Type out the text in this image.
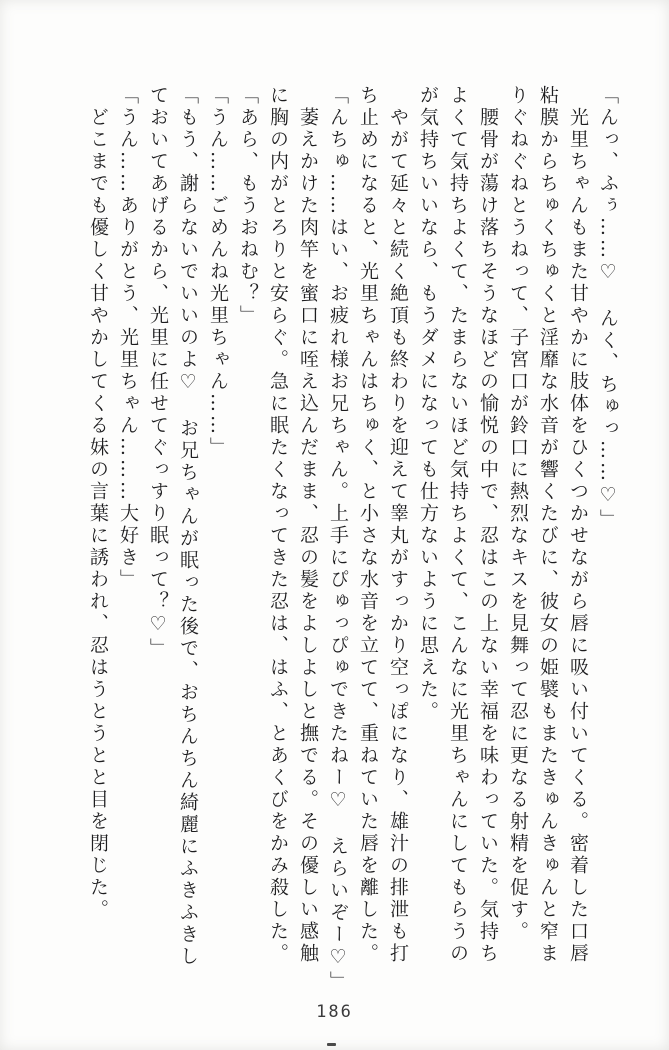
「んっ、ふぅ……♡　んく、ちゅっ……♡」

　光里ちゃんもまた甘やかに肢体をひくつかせながら唇に吸い付いてくる。密着した口唇

粘膜からちゅくちゅくと淫靡な水音が響くたびに、彼女の姫襞もまたきゅんきゅんと窄ま

りぐねぐねとうねって、子宮口が鈴口に熱烈なキスを見舞って忍に更なる射精を促す。

　腰骨が蕩け落ちそうなほどの愉悦の中で、忍はこの上ない幸福を味わっていた。気持ち

よくて気持ちよくて、たまらないほど気持ちよくて、こんなに光里ちゃんにしてもらうの

が気持ちいいなら、もうダメになっても仕方ないように思えた。

　やがて延々と続く絶頂も終わりを迎えて睾丸がすっかり空っぽになり、雄汁の排泄も打

ち止めになると、光里ちゃんはちゅく、と小さな水音を立てて、重ねていた唇を離した。

「んちゅ……はい、お疲れ様お兄ちゃん。上手にぴゅっぴゅできたねー♡　えらいぞー♡」

　萎えかけた肉竿を蜜口に咥え込んだまま、忍の髪をよしよしと撫でる。その優しい感触

に胸の内がとろりと安らぐ。急に眠たくなってきた忍は、はふ、とあくびをかみ殺した。

「あら、もうおねむ？」

「うん……ごめんね光里ちゃん……」

「もう、謝らないでいいのよ♡　お兄ちゃんが眠った後で、おちんちん綺麗にふきふきし

ておいてあげるから、光里に任せてぐっすり眠って？♡」

「うん……ありがとう、光里ちゃん………大好き」

　どこまでも優しく甘やかしてくる妹の言葉に誘われ、忍はうとうとと目を閉じた。

186
